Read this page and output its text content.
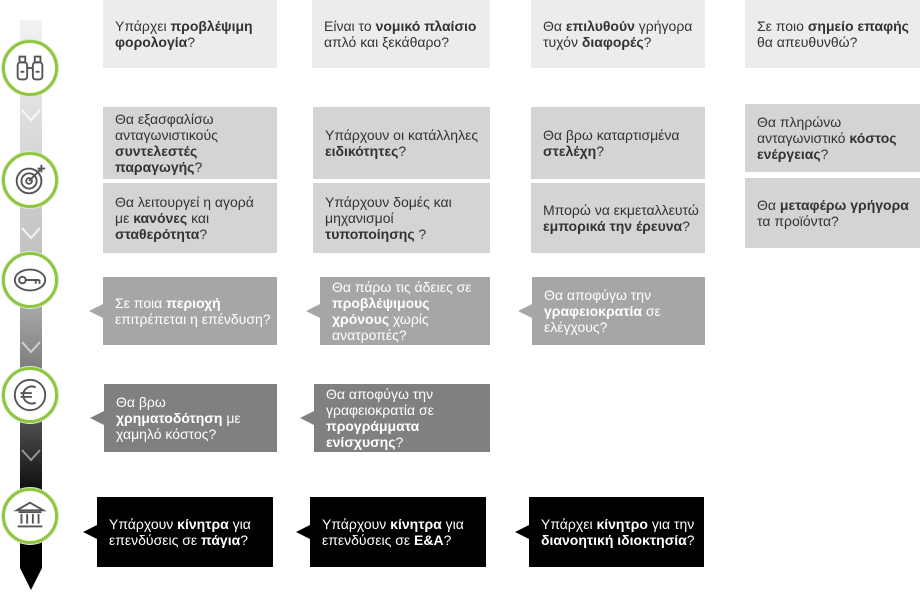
Υπάρχει προβλέψιμη φορολογία?
Είναι το νομικό πλαίσιο απλό και ξεκάθαρο?
Θα επιλυθούν γρήγορα τυχόν διαφορές?
Σε ποιο σημείο επαφής θα απευθυνθώ?
Θα εξασφαλίσω ανταγωνιστικούς συντελεστές παραγωγής?
Υπάρχουν οι κατάλληλες ειδικότητες?
Θα βρω καταρτισμένα στελέχη?
Θα πληρώνω ανταγωνιστικό κόστος ενέργειας?
Θα λειτουργεί η αγορά με κανόνες και σταθερότητα?
Υπάρχουν δομές και μηχανισμοί τυποποίησης ?
Μπορώ να εκμεταλλευτώ εμπορικά την έρευνα?
Θα μεταφέρω γρήγορα τα προϊόντα?
Σε ποια περιοχή επιτρέπεται η επένδυση?
Θα πάρω τις άδειες σε προβλέψιμους χρόνους χωρίς ανατροπές?
Θα αποφύγω την γραφειοκρατία σε ελέγχους?
Θα βρω χρηματοδότηση με χαμηλό κόστος?
Θα αποφύγω την γραφειοκρατία σε προγράμματα ενίσχυσης?
Υπάρχουν κίνητρα για επενδύσεις σε πάγια?
Υπάρχουν κίνητρα για επενδύσεις σε Ε&Α?
Υπάρχει κίνητρο για την διανοητική ιδιοκτησία?
